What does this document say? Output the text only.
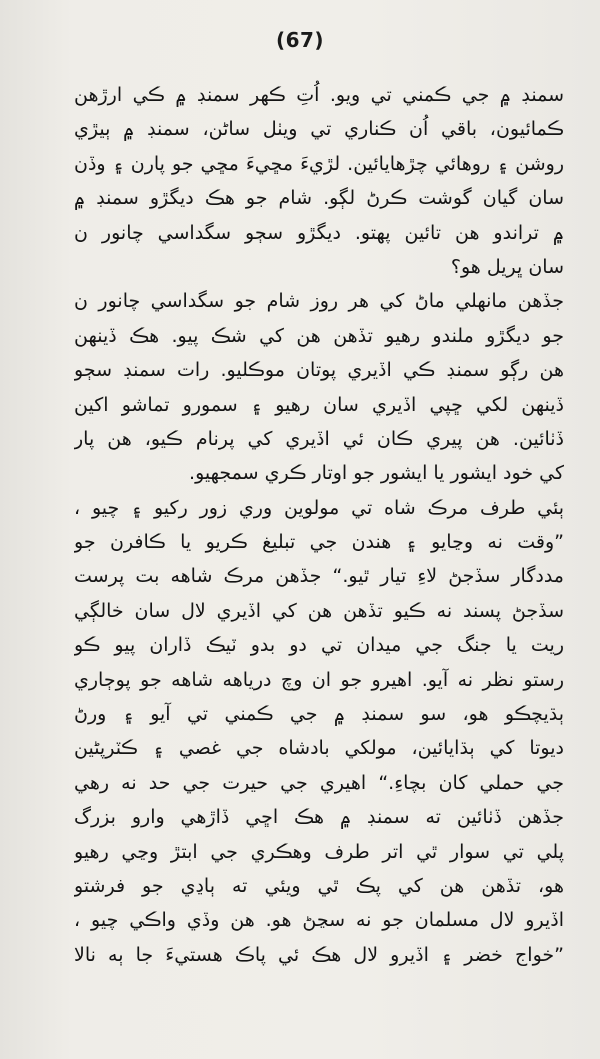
(67)
سمنڊ ۾ جي ڪمني تي ويو. اُتِ ڪهر سمنڊ ۾ ڪي ارڙهن
ڪمائيون، باقي اُن ڪناري تي ويٺل ساڻن، سمنڊ ۾ ٻيڙي
روشن ۽ روهائي چڙهايائين. لڙيءَ مڇيءَ مڇي جو پارن ۽ وڏن
سان گيان گوشت ڪرڻ لڳو. شام جو هڪ ديگڙو سمنڊ ۾
۾ تراندو هن تائين پهتو. ديگڙو سڄو سگداسي چانور ن
سان ڀريل هو؟
جڏهن مانهلي ماڻ کي هر روز شام جو سگداسي چانور ن
جو ديگڙو ملندو رهيو تڏهن هن کي شڪ پيو. هڪ ڏينهن
هن رڳو سمنڊ ڪي اڏيري پوتان موڪليو. رات سمنڊ سڄو
ڏينهن لکي ڇپي اڏيري سان رهيو ۽ سمورو تماشو اکين
ڏٺائين. هن پيري ڪان ئي اڏيري کي پرنام ڪيو، هن پار
کي خود ايشور يا ايشور جو اوتار ڪري سمجهيو.
ٻئي طرف مرڪ شاه تي مولوين وري زور رکيو ۽ چيو ،
”وقت نه وڃايو ۽ هندن جي تبليغ ڪريو يا ڪافرن جو
مددگار سڏجڻ لاءِ تيار ٿيو.“ جڏهن مرڪ شاهه بت پرست
سڏجڻ پسند نه ڪيو تڏهن هن کي اڏيري لال سان خالڳي
ريت يا جنگ جي ميدان تي دو بدو ٽيڪ ڏاران پيو ڪو
رستو نظر نه آيو. اهيرو جو ان وچ درياهه شاهه جو پوڄاري
ٻڌيچڪو هو، سو سمنڊ ۾ جي ڪمني تي آيو ۽ ورڻ
ديوتا کي ٻڌايائين، مولکي بادشاه جي غصي ۽ ڪٽرپڻين
جي حملي کان بچاءِ.“ اهيري جي حيرت جي حد نه رهي
جڏهن ڏٺائين ته سمنڊ ۾ هڪ اڇي ڏاڙهي وارو بزرگ
پلي تي سوار ٿي اتر طرف وهڪري جي ابتڙ وڃي رهيو
هو، تڏهن هن کي پڪ ٿي ويئي ته ٻاڍي جو فرشتو
اڏيرو لال مسلمان جو نه سڃڻ هو. هن وڏي واڪي چيو ،
”خواج خضر ۽ اڏيرو لال هڪ ئي پاڪ هستيءَ جا ٻه نالا
